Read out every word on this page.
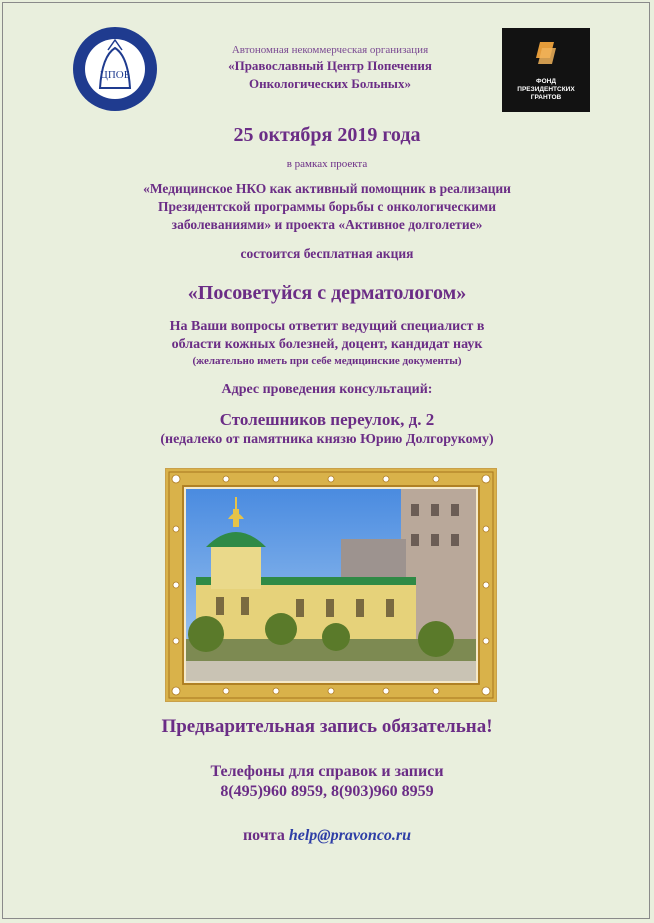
ЦПОБ
ФОНД
ПРЕЗИДЕНТСКИХ
ГРАНТОВ
Автономная некоммерческая организация
«Православный Центр Попечения
Онкологических Больных»
25 октября 2019 года
в рамках проекта
«Медицинское НКО как активный помощник в реализации
Президентской программы борьбы с онкологическими
заболеваниями» и проекта «Активное долголетие»
состоится бесплатная акция
«Посоветуйся с дерматологом»
На Ваши вопросы ответит ведущий специалист в
области кожных болезней, доцент, кандидат наук
(желательно иметь при себе медицинские документы)
Адрес проведения консультаций:
Столешников переулок, д. 2
(недалеко от памятника князю Юрию Долгорукому)
Предварительная запись обязательна!
Телефоны для справок и записи
8(495)960 8959, 8(903)960 8959
почта help@pravonco.ru
